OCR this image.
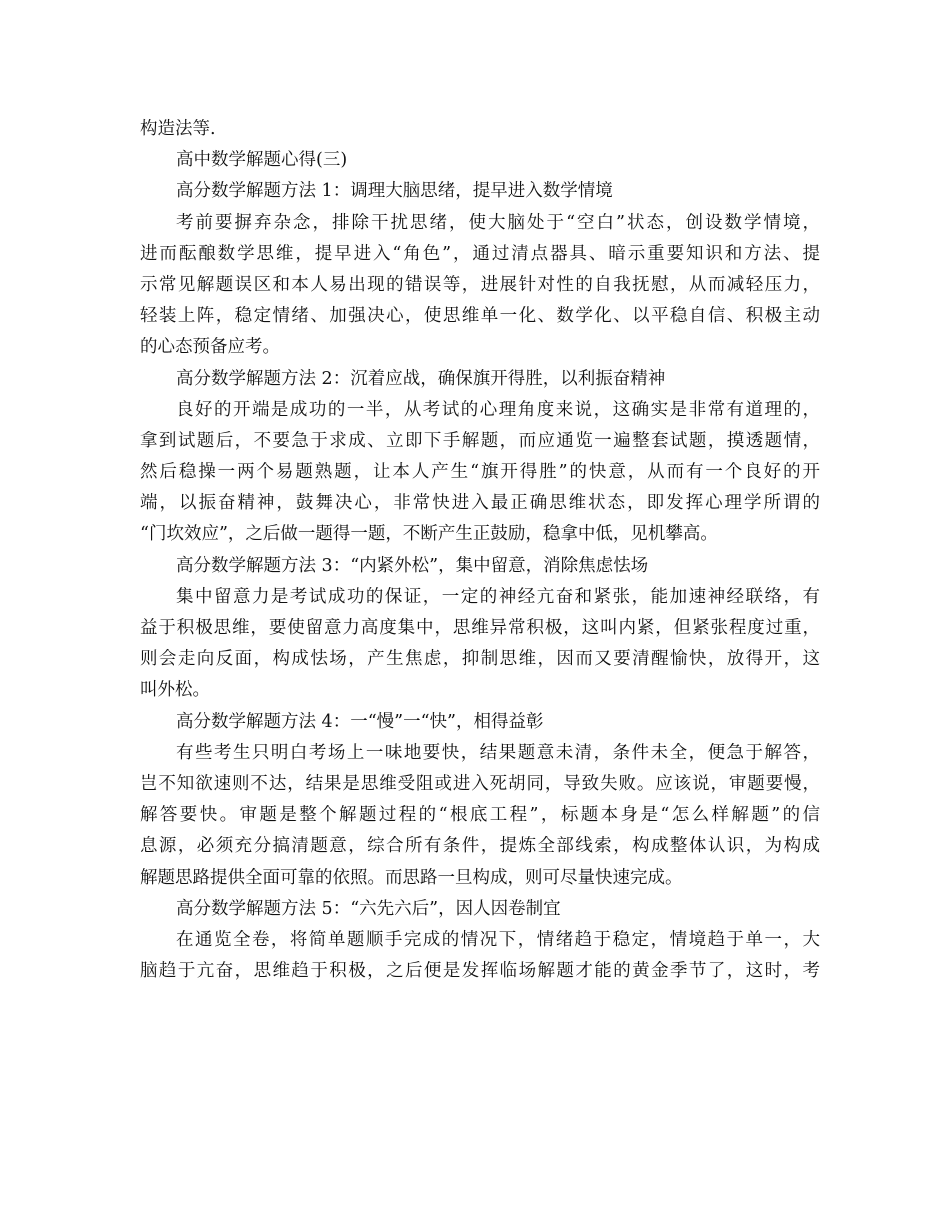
构造法等.
高中数学解题心得(三)
高分数学解题方法 1：调理大脑思绪，提早进入数学情境
考前要摒弃杂念，排除干扰思绪，使大脑处于“空白”状态，创设数学情境，
进而酝酿数学思维，提早进入“角色”，通过清点器具、暗示重要知识和方法、提
示常见解题误区和本人易出现的错误等，进展针对性的自我抚慰，从而减轻压力，
轻装上阵，稳定情绪、加强决心，使思维单一化、数学化、以平稳自信、积极主动
的心态预备应考。
高分数学解题方法 2：沉着应战，确保旗开得胜，以利振奋精神
良好的开端是成功的一半，从考试的心理角度来说，这确实是非常有道理的，
拿到试题后，不要急于求成、立即下手解题，而应通览一遍整套试题，摸透题情，
然后稳操一两个易题熟题，让本人产生“旗开得胜”的快意，从而有一个良好的开
端，以振奋精神，鼓舞决心，非常快进入最正确思维状态，即发挥心理学所谓的
“门坎效应”，之后做一题得一题，不断产生正鼓励，稳拿中低，见机攀高。
高分数学解题方法 3：“内紧外松”，集中留意，消除焦虑怯场
集中留意力是考试成功的保证，一定的神经亢奋和紧张，能加速神经联络，有
益于积极思维，要使留意力高度集中，思维异常积极，这叫内紧，但紧张程度过重，
则会走向反面，构成怯场，产生焦虑，抑制思维，因而又要清醒愉快，放得开，这
叫外松。
高分数学解题方法 4：一“慢”一“快”，相得益彰
有些考生只明白考场上一味地要快，结果题意未清，条件未全，便急于解答，
岂不知欲速则不达，结果是思维受阻或进入死胡同，导致失败。应该说，审题要慢，
解答要快。审题是整个解题过程的“根底工程”，标题本身是“怎么样解题”的信
息源，必须充分搞清题意，综合所有条件，提炼全部线索，构成整体认识，为构成
解题思路提供全面可靠的依照。而思路一旦构成，则可尽量快速完成。
高分数学解题方法 5：“六先六后”，因人因卷制宜
在通览全卷，将简单题顺手完成的情况下，情绪趋于稳定，情境趋于单一，大
脑趋于亢奋，思维趋于积极，之后便是发挥临场解题才能的黄金季节了，这时，考
